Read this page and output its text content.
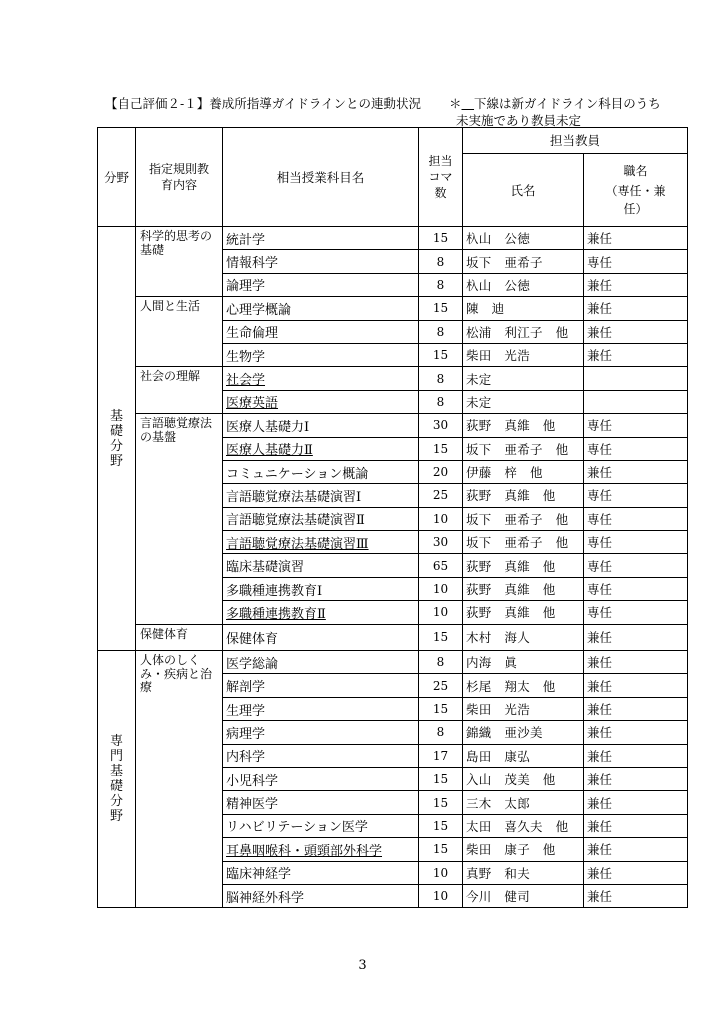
【自己評価２-１】養成所指導ガイドラインとの連動状況 ＊＿下線は新ガイドライン科目のうち
未実施であり教員未定
分野	指定規則教育内容	相当授業科目名	担当コマ数	担当教員	
				氏名	職名
（専任・兼任）

基礎分野	科学的思考の基礎	統計学	15	杁山　公徳	兼任
		情報科学	8	坂下　亜希子	専任
		論理学	8	杁山　公徳	兼任
	人間と生活	心理学概論	15	陳　迪	兼任
		生命倫理	8	松浦　利江子　他	兼任
		生物学	15	柴田　光浩	兼任
	社会の理解	社会学	8	未定	
		医療英語	8	未定	
	言語聴覚療法の基盤	医療人基礎力Ⅰ	30	荻野　真維　他	専任
		医療人基礎力Ⅱ	15	坂下　亜希子　他	専任
		コミュニケーション概論	20	伊藤　梓　他	兼任
		言語聴覚療法基礎演習Ⅰ	25	荻野　真維　他	専任
		言語聴覚療法基礎演習Ⅱ	10	坂下　亜希子　他	専任
		言語聴覚療法基礎演習Ⅲ	30	坂下　亜希子　他	専任
		臨床基礎演習	65	荻野　真維　他	専任
		多職種連携教育Ⅰ	10	荻野　真維　他	専任
		多職種連携教育Ⅱ	10	荻野　真維　他	専任
	保健体育	保健体育	15	木村　海人	兼任
専門基礎分野	人体のしくみ・疾病と治療	医学総論	8	内海　眞	兼任
		解剖学	25	杉尾　翔太　他	兼任
		生理学	15	柴田　光浩	兼任
		病理学	8	錦織　亜沙美	兼任
		内科学	17	島田　康弘	兼任
		小児科学	15	入山　茂美　他	兼任
		精神医学	15	三木　太郎	兼任
		リハビリテーション医学	15	太田　喜久夫　他	兼任
		耳鼻咽喉科・頭頸部外科学	15	柴田　康子　他	兼任
		臨床神経学	10	真野　和夫	兼任
		脳神経外科学	10	今川　健司	兼任
3
